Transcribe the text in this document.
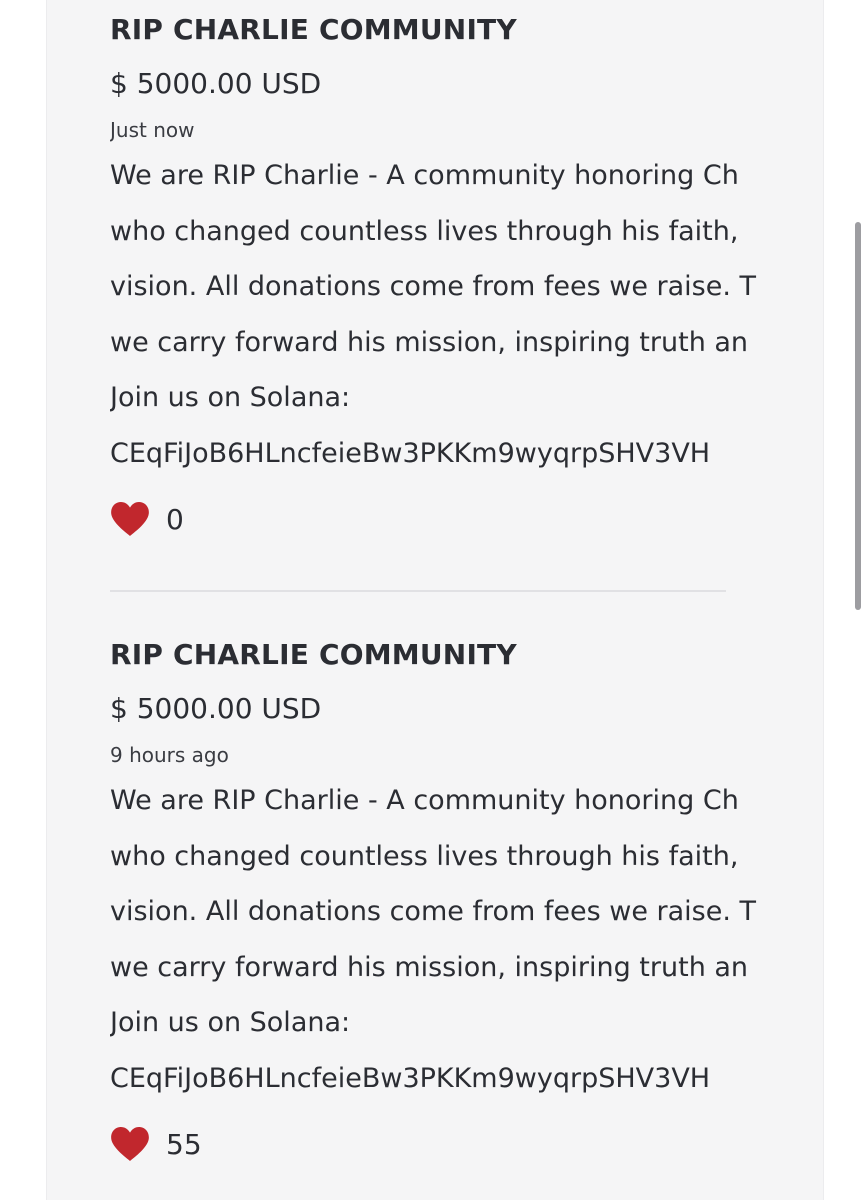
RIP CHARLIE COMMUNITY
$ 5000.00 USD
Just now
We are RIP Charlie - A community honoring Ch
who changed countless lives through his faith,
vision. All donations come from fees we raise. T
we carry forward his mission, inspiring truth an
Join us on Solana:
CEqFiJoB6HLncfeieBw3PKKm9wyqrpSHV3VH
0
RIP CHARLIE COMMUNITY
$ 5000.00 USD
9 hours ago
We are RIP Charlie - A community honoring Ch
who changed countless lives through his faith,
vision. All donations come from fees we raise. T
we carry forward his mission, inspiring truth an
Join us on Solana:
CEqFiJoB6HLncfeieBw3PKKm9wyqrpSHV3VH
55
